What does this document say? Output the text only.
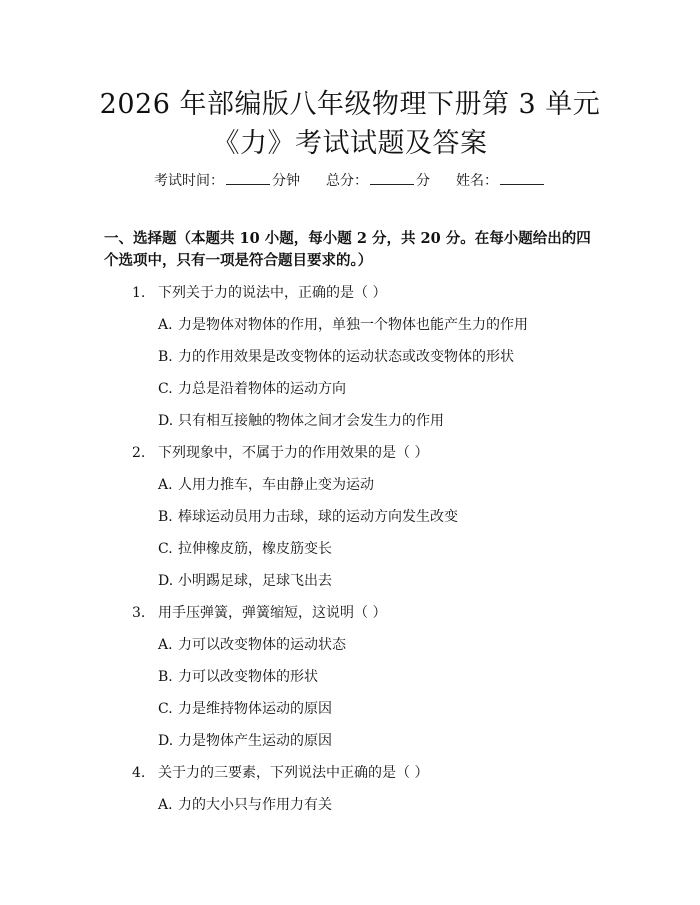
2026 年部编版八年级物理下册第 3 单元
《力》考试试题及答案
考试时间：	分钟 总分：	分 姓名：
一、选择题（本题共 10 小题，每小题 2 分，共 20 分。在每小题给出的四个选项中，只有一项是符合题目要求的。）
1. 下列关于力的说法中，正确的是（ ）
A. 力是物体对物体的作用，单独一个物体也能产生力的作用
B. 力的作用效果是改变物体的运动状态或改变物体的形状
C. 力总是沿着物体的运动方向
D. 只有相互接触的物体之间才会发生力的作用
2. 下列现象中，不属于力的作用效果的是（ ）
A. 人用力推车，车由静止变为运动
B. 棒球运动员用力击球，球的运动方向发生改变
C. 拉伸橡皮筋，橡皮筋变长
D. 小明踢足球，足球飞出去
3. 用手压弹簧，弹簧缩短，这说明（ ）
A. 力可以改变物体的运动状态
B. 力可以改变物体的形状
C. 力是维持物体运动的原因
D. 力是物体产生运动的原因
4. 关于力的三要素，下列说法中正确的是（ ）
A. 力的大小只与作用力有关
